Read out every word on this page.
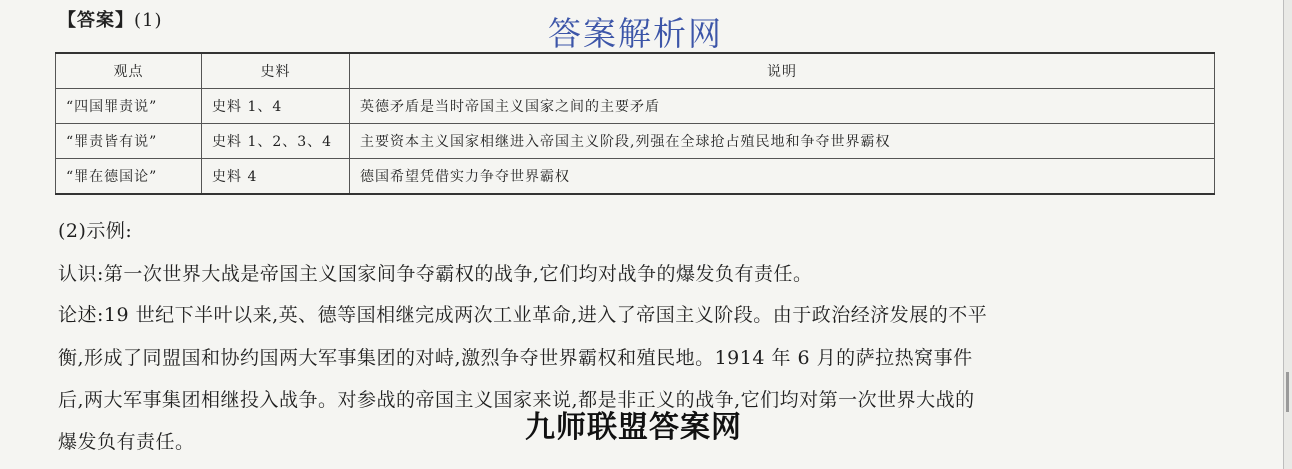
【答案】(1)	答案解析网
观点	史料	说明
“四国罪责说”	史料 1、4	英德矛盾是当时帝国主义国家之间的主要矛盾
“罪责皆有说”	史料 1、2、3、4	主要资本主义国家相继进入帝国主义阶段,列强在全球抢占殖民地和争夺世界霸权
“罪在德国论”	史料 4	德国希望凭借实力争夺世界霸权
(2)示例:
认识:第一次世界大战是帝国主义国家间争夺霸权的战争,它们均对战争的爆发负有责任。
论述:19 世纪下半叶以来,英、德等国相继完成两次工业革命,进入了帝国主义阶段。由于政治经济发展的不平
衡,形成了同盟国和协约国两大军事集团的对峙,激烈争夺世界霸权和殖民地。1914 年 6 月的萨拉热窝事件
后,两大军事集团相继投入战争。对参战的帝国主义国家来说,都是非正义的战争,它们均对第一次世界大战的
爆发负有责任。	九师联盟答案网
